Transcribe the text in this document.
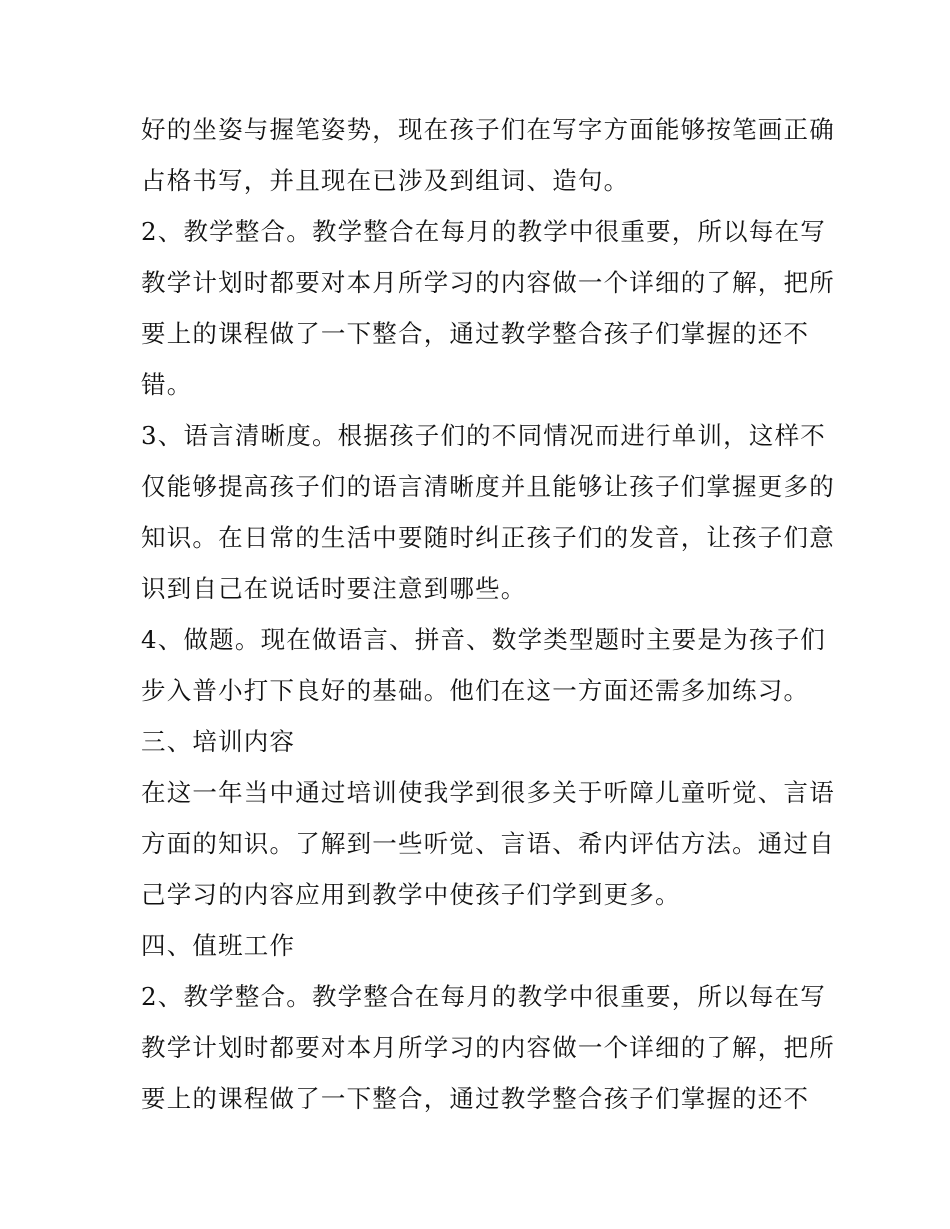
好的坐姿与握笔姿势，现在孩子们在写字方面能够按笔画正确
占格书写，并且现在已涉及到组词、造句。
2、教学整合。教学整合在每月的教学中很重要，所以每在写
教学计划时都要对本月所学习的内容做一个详细的了解，把所
要上的课程做了一下整合，通过教学整合孩子们掌握的还不
错。
3、语言清晰度。根据孩子们的不同情况而进行单训，这样不
仅能够提高孩子们的语言清晰度并且能够让孩子们掌握更多的
知识。在日常的生活中要随时纠正孩子们的发音，让孩子们意
识到自己在说话时要注意到哪些。
4、做题。现在做语言、拼音、数学类型题时主要是为孩子们
步入普小打下良好的基础。他们在这一方面还需多加练习。
三、培训内容
在这一年当中通过培训使我学到很多关于听障儿童听觉、言语
方面的知识。了解到一些听觉、言语、希内评估方法。通过自
己学习的内容应用到教学中使孩子们学到更多。
四、值班工作
2、教学整合。教学整合在每月的教学中很重要，所以每在写
教学计划时都要对本月所学习的内容做一个详细的了解，把所
要上的课程做了一下整合，通过教学整合孩子们掌握的还不
